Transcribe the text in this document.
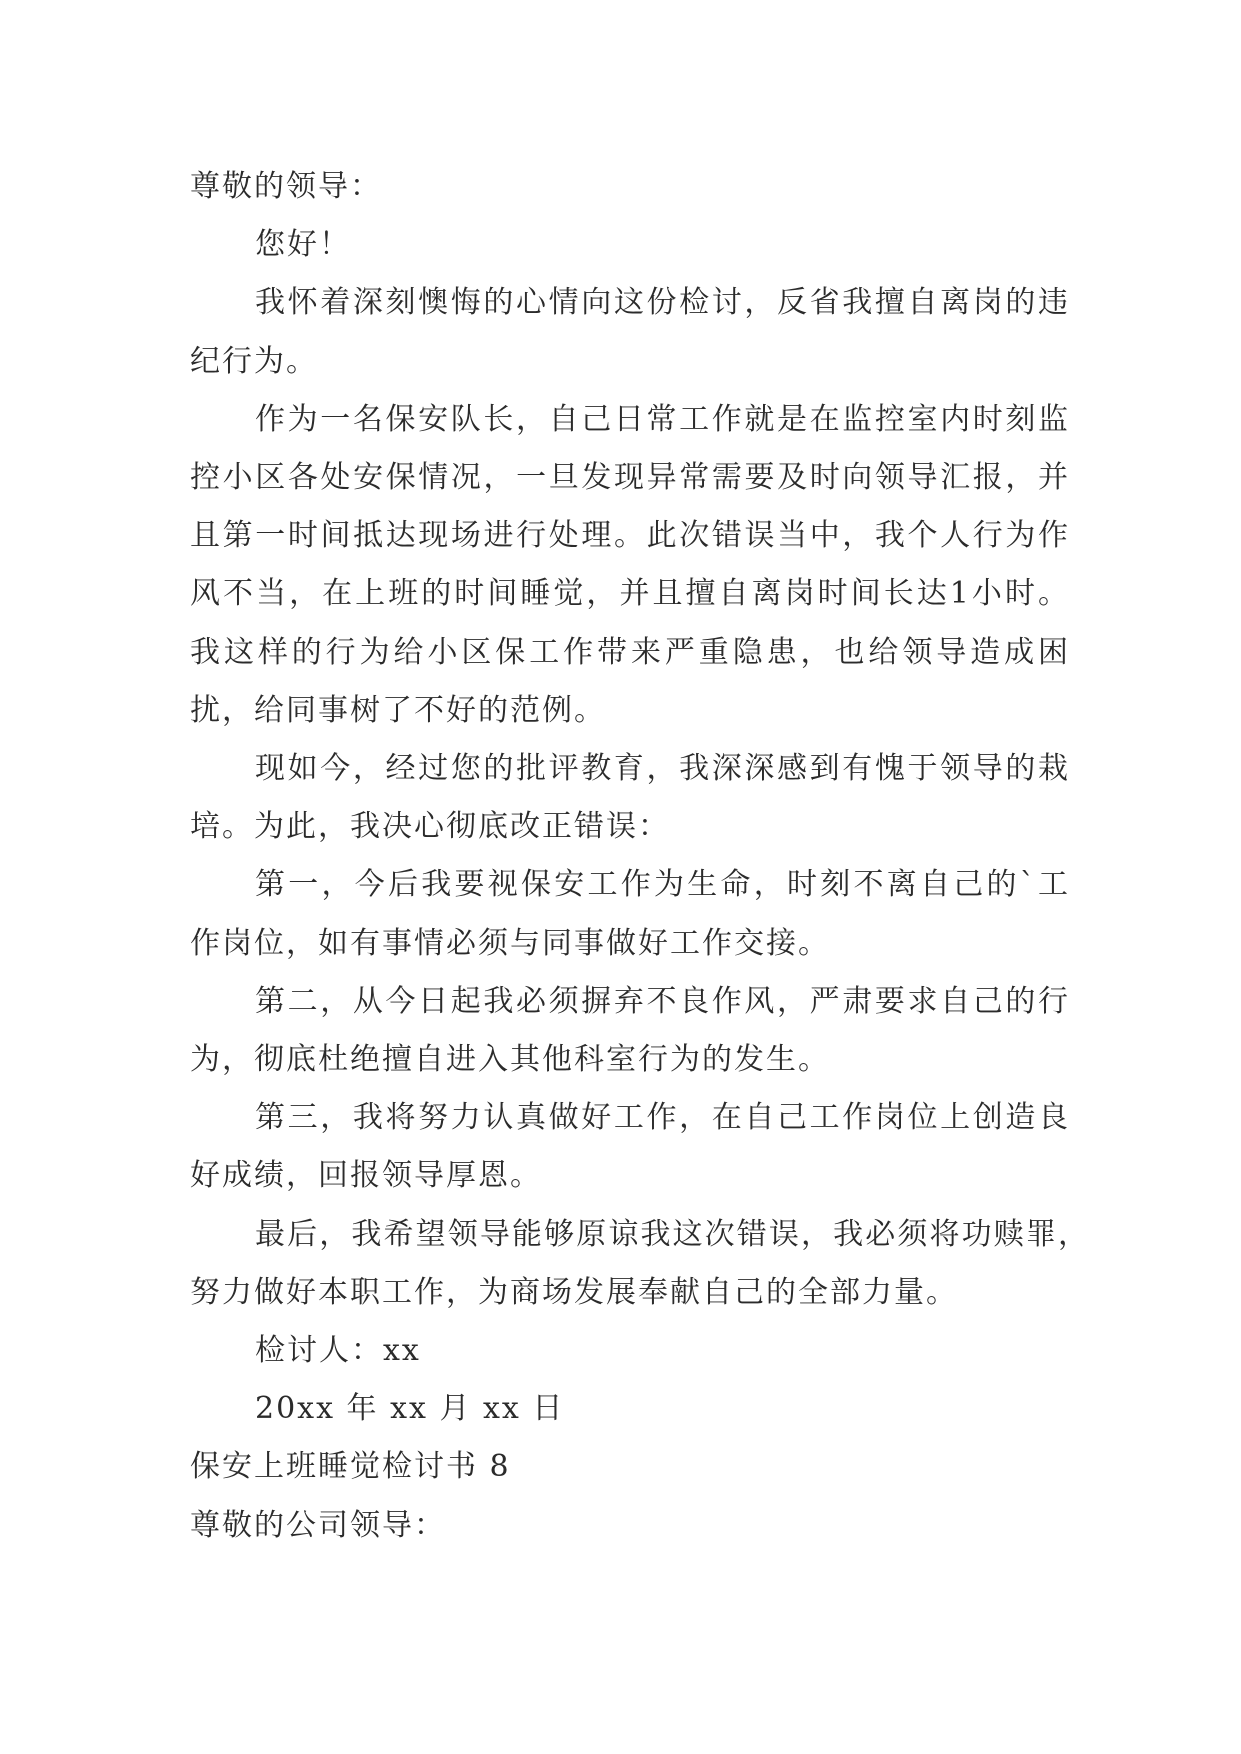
尊敬的领导：

您好！

我怀着深刻懊悔的心情向这份检讨，反省我擅自离岗的违纪行为。

作为一名保安队长，自己日常工作就是在监控室内时刻监控小区各处安保情况，一旦发现异常需要及时向领导汇报，并且第一时间抵达现场进行处理。此次错误当中，我个人行为作风不当，在上班的时间睡觉，并且擅自离岗时间长达1小时。我这样的行为给小区保工作带来严重隐患，也给领导造成困扰，给同事树了不好的范例。

现如今，经过您的批评教育，我深深感到有愧于领导的栽培。为此，我决心彻底改正错误：

第一，今后我要视保安工作为生命，时刻不离自己的`工作岗位，如有事情必须与同事做好工作交接。

第二，从今日起我必须摒弃不良作风，严肃要求自己的行为，彻底杜绝擅自进入其他科室行为的发生。

第三，我将努力认真做好工作，在自己工作岗位上创造良好成绩，回报领导厚恩。

最后，我希望领导能够原谅我这次错误，我必须将功赎罪，努力做好本职工作，为商场发展奉献自己的全部力量。

检讨人：xx

20xx 年 xx 月 xx 日

保安上班睡觉检讨书 8

尊敬的公司领导：
